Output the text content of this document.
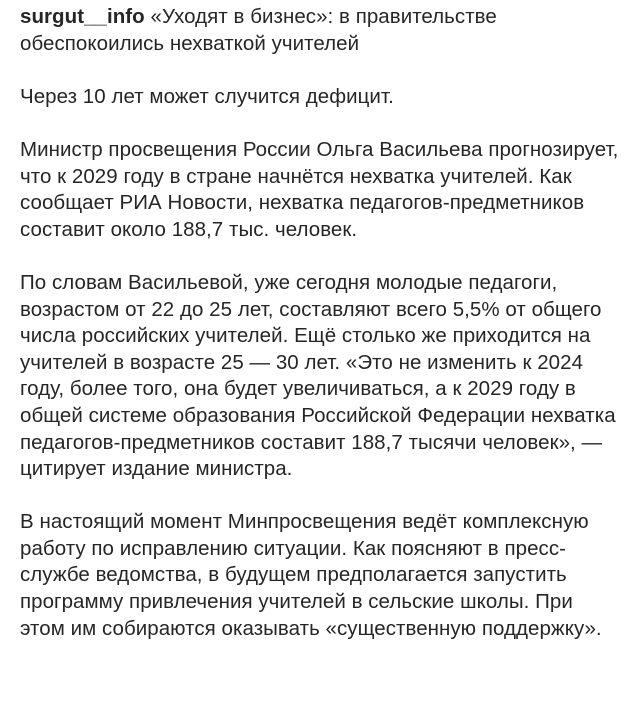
surgut__info «Уходят в бизнес»: в правительстве обеспокоились нехваткой учителей

Через 10 лет может случится дефицит.

Министр просвещения России Ольга Васильева прогнозирует, что к 2029 году в стране начнётся нехватка учителей. Как сообщает РИА Новости, нехватка педагогов-предметников составит около 188,7 тыс. человек.

По словам Васильевой, уже сегодня молодые педагоги, возрастом от 22 до 25 лет, составляют всего 5,5% от общего числа российских учителей. Ещё столько же приходится на учителей в возрасте 25 — 30 лет. «Это не изменить к 2024 году, более того, она будет увеличиваться, а к 2029 году в общей системе образования Российской Федерации нехватка педагогов-предметников составит 188,7 тысячи человек», — цитирует издание министра.

В настоящий момент Минпросвещения ведёт комплексную работу по исправлению ситуации. Как поясняют в пресс-службе ведомства, в будущем предполагается запустить программу привлечения учителей в сельские школы. При этом им собираются оказывать «существенную поддержку».
